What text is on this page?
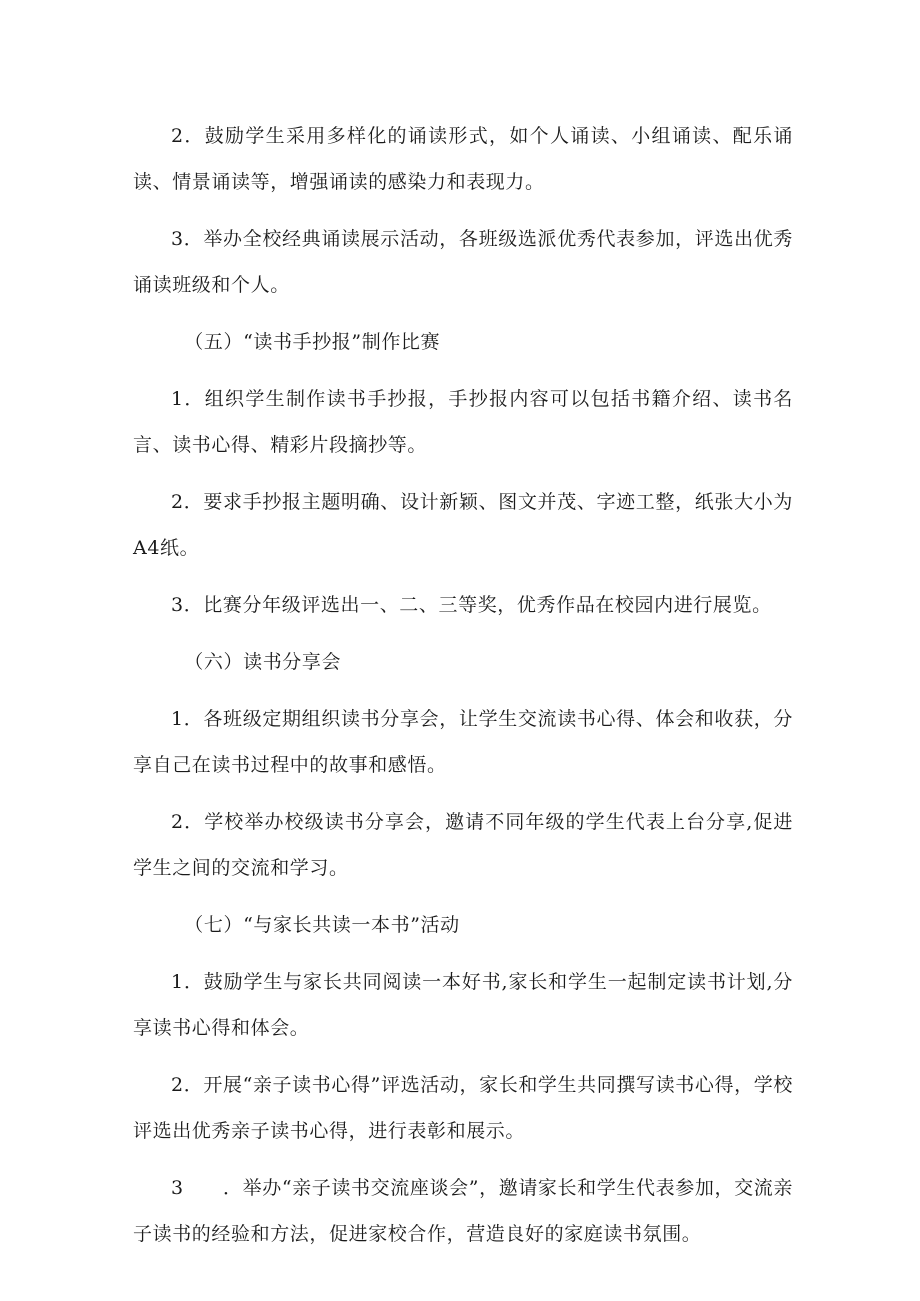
2．鼓励学生采用多样化的诵读形式，如个人诵读、小组诵读、配乐诵读、情景诵读等，增强诵读的感染力和表现力。

3．举办全校经典诵读展示活动，各班级选派优秀代表参加，评选出优秀诵读班级和个人。

（五）“读书手抄报”制作比赛

1．组织学生制作读书手抄报，手抄报内容可以包括书籍介绍、读书名言、读书心得、精彩片段摘抄等。

2．要求手抄报主题明确、设计新颖、图文并茂、字迹工整，纸张大小为A4纸。

3．比赛分年级评选出一、二、三等奖，优秀作品在校园内进行展览。

（六）读书分享会

1．各班级定期组织读书分享会，让学生交流读书心得、体会和收获，分享自己在读书过程中的故事和感悟。

2．学校举办校级读书分享会，邀请不同年级的学生代表上台分享,促进学生之间的交流和学习。

（七）“与家长共读一本书”活动

1．鼓励学生与家长共同阅读一本好书,家长和学生一起制定读书计划,分享读书心得和体会。

2．开展“亲子读书心得”评选活动，家长和学生共同撰写读书心得，学校评选出优秀亲子读书心得，进行表彰和展示。

3　　．举办“亲子读书交流座谈会”，邀请家长和学生代表参加，交流亲子读书的经验和方法，促进家校合作，营造良好的家庭读书氛围。
